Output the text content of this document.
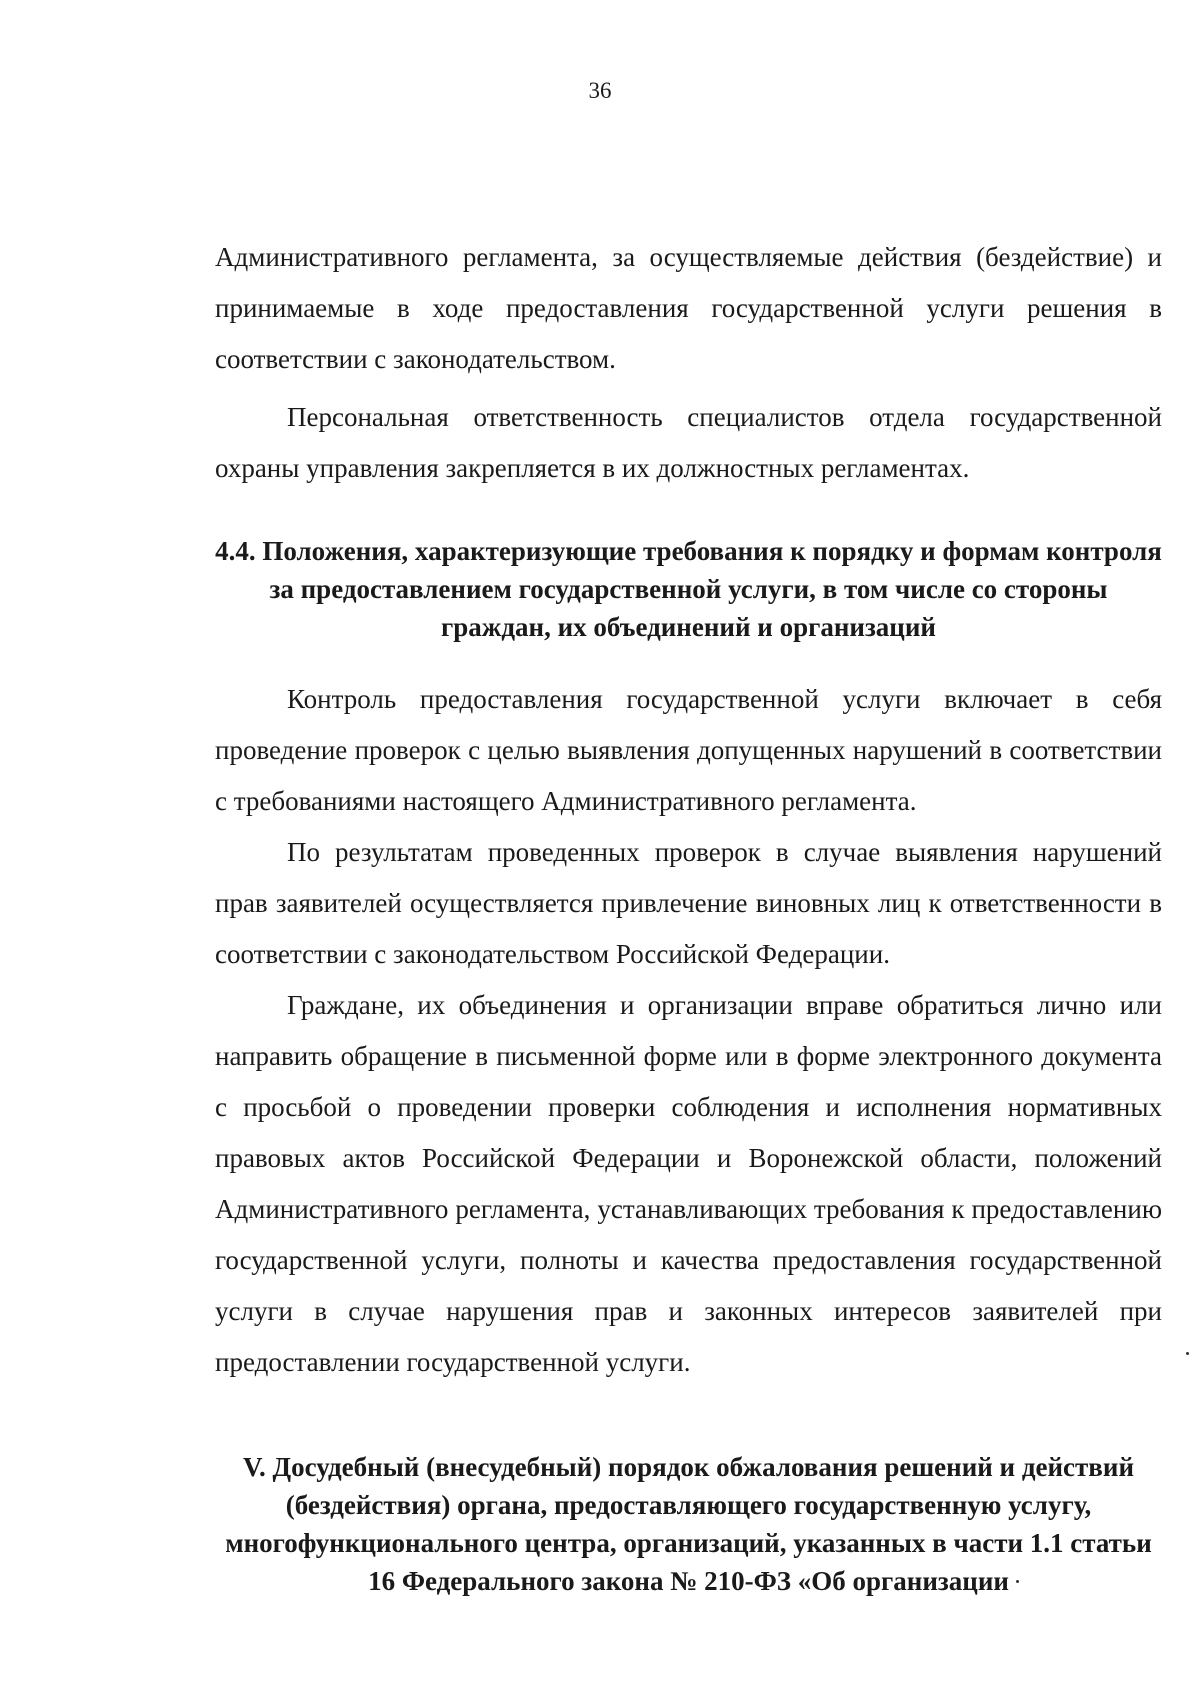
36

Административного регламента, за осуществляемые действия (бездействие) и принимаемые в ходе предоставления государственной услуги решения в соответствии с законодательством.

Персональная ответственность специалистов отдела государственной охраны управления закрепляется в их должностных регламентах.

4.4. Положения, характеризующие требования к порядку и формам контроля за предоставлением государственной услуги, в том числе со стороны граждан, их объединений и организаций

Контроль предоставления государственной услуги включает в себя проведение проверок с целью выявления допущенных нарушений в соответствии с требованиями настоящего Административного регламента.

По результатам проведенных проверок в случае выявления нарушений прав заявителей осуществляется привлечение виновных лиц к ответственности в соответствии с законодательством Российской Федерации.

Граждане, их объединения и организации вправе обратиться лично или направить обращение в письменной форме или в форме электронного документа с просьбой о проведении проверки соблюдения и исполнения нормативных правовых актов Российской Федерации и Воронежской области, положений Административного регламента, устанавливающих требования к предоставлению государственной услуги, полноты и качества предоставления государственной услуги в случае нарушения прав и законных интересов заявителей при предоставлении государственной услуги.

V. Досудебный (внесудебный) порядок обжалования решений и действий (бездействия) органа, предоставляющего государственную услугу, многофункционального центра, организаций, указанных в части 1.1 статьи 16 Федерального закона № 210-ФЗ «Об организации
